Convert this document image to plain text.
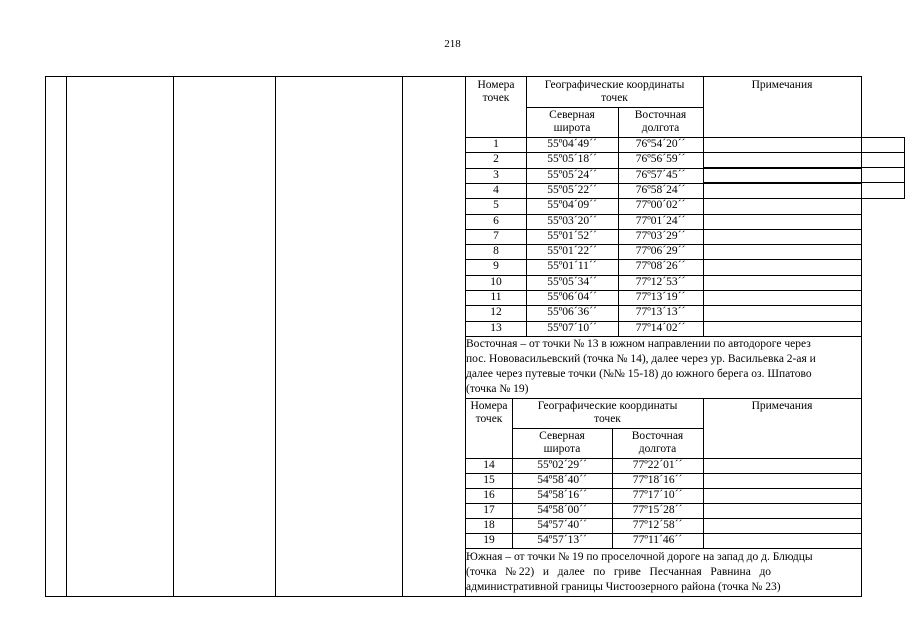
218
Номера
точек
Географические координаты
точек
Примечания
Северная
широта
Восточная
долгота
1	55º04´49´´	76º54´20´´
2	55º05´18´´	76º56´59´´
3	55º05´24´´	76º57´45´´
4	55º05´22´´	76º58´24´´
5	55º04´09´´	77º00´02´´
6	55º03´20´´	77º01´24´´
7	55º01´52´´	77º03´29´´
8	55º01´22´´	77º06´29´´
9	55º01´11´´	77º08´26´´
10	55º05´34´´	77º12´53´´
11	55º06´04´´	77º13´19´´
12	55º06´36´´	77º13´13´´
13	55º07´10´´	77º14´02´´
Восточная – от точки № 13 в южном направлении по автодороге через
пос. Нововасильевский (точка № 14), далее через ур. Васильевка 2-ая и
далее через путевые точки (№№ 15-18) до южного берега оз. Шпатово
(точка № 19)
Номера
точек
Географические координаты
точек
Примечания
Северная
широта
Восточная
долгота
14	55º02´29´´	77º22´01´´
15	54º58´40´´	77º18´16´´
16	54º58´16´´	77º17´10´´
17	54º58´00´´	77º15´28´´
18	54º57´40´´	77º12´58´´
19	54º57´13´´	77º11´46´´
Южная – от точки № 19 по проселочной дороге на запад до д. Блюдцы
(точка   № 22)   и   далее   по   гриве   Песчанная   Равнина   до
административной границы Чистоозерного района (точка № 23)
